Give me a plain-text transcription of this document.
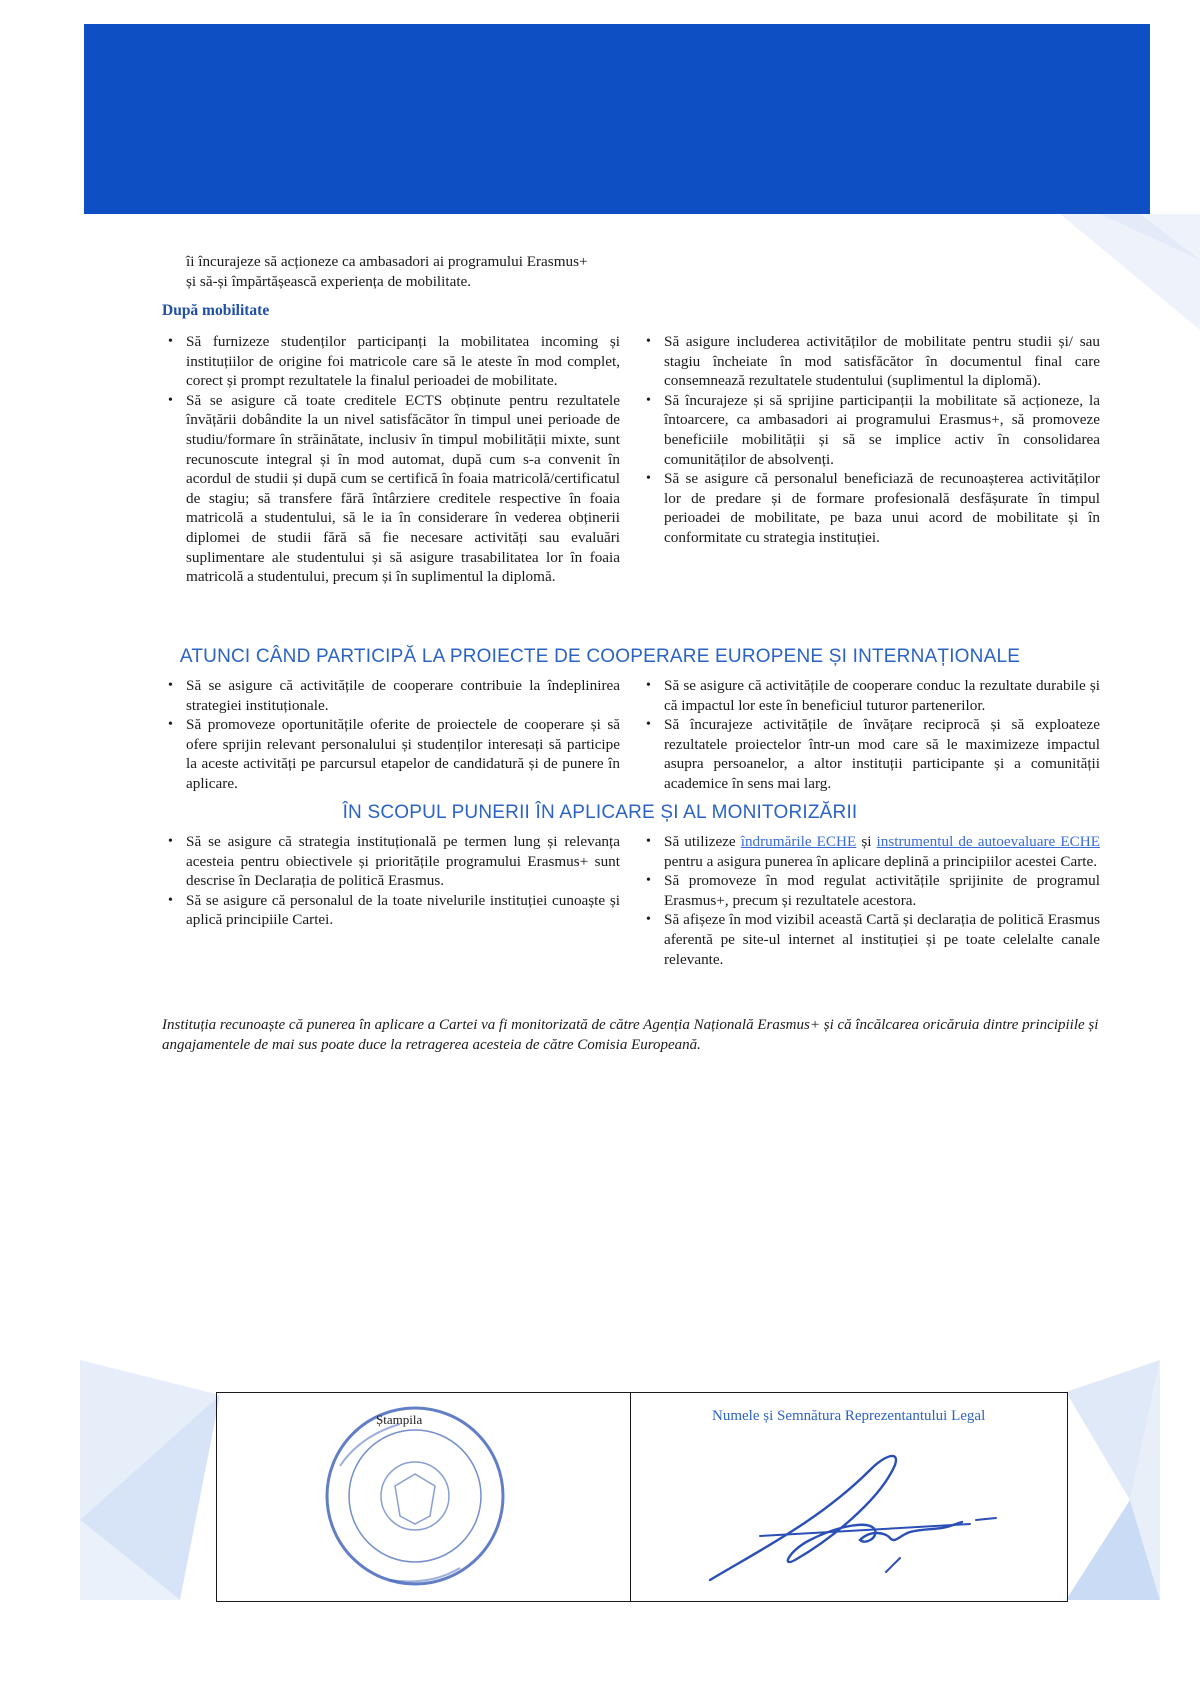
îi încurajeze să acționeze ca ambasadori ai programului Erasmus+

și să-și împărtășească experiența de mobilitate.

După mobilitate
• Să furnizeze studenților participanți la mobilitatea incoming și instituțiilor de origine foi matricole care să le ateste în mod complet, corect și prompt rezultatele la finalul perioadei de mobilitate.
• Să se asigure că toate creditele ECTS obținute pentru rezultatele învățării dobândite la un nivel satisfăcător în timpul unei perioade de studiu/formare în străinătate, inclusiv în timpul mobilității mixte, sunt recunoscute integral și în mod automat, după cum s-a convenit în acordul de studii și după cum se certifică în foaia matricolă/certificatul de stagiu; să transfere fără întârziere creditele respective în foaia matricolă a studentului, să le ia în considerare în vederea obținerii diplomei de studii fără să fie necesare activități sau evaluări suplimentare ale studentului și să asigure trasabilitatea lor în foaia matricolă a studentului, precum și în suplimentul la diplomă.
• Să asigure includerea activităților de mobilitate pentru studii și/ sau stagiu încheiate în mod satisfăcător în documentul final care consemnează rezultatele studentului (suplimentul la diplomă).
• Să încurajeze și să sprijine participanții la mobilitate să acționeze, la întoarcere, ca ambasadori ai programului Erasmus+, să promoveze beneficiile mobilității și să se implice activ în consolidarea comunităților de absolvenți.
• Să se asigure că personalul beneficiază de recunoașterea activităților lor de predare și de formare profesională desfășurate în timpul perioadei de mobilitate, pe baza unui acord de mobilitate și în conformitate cu strategia instituției.
ATUNCI CÂND PARTICIPĂ LA PROIECTE DE COOPERARE EUROPENE ȘI INTERNAȚIONALE
• Să se asigure că activitățile de cooperare contribuie la îndeplinirea strategiei instituționale.
• Să promoveze oportunitățile oferite de proiectele de cooperare și să ofere sprijin relevant personalului și studenților interesați să participe la aceste activități pe parcursul etapelor de candidatură și de punere în aplicare.
• Să se asigure că activitățile de cooperare conduc la rezultate durabile și că impactul lor este în beneficiul tuturor partenerilor.
• Să încurajeze activitățile de învățare reciprocă și să exploateze rezultatele proiectelor într-un mod care să le maximizeze impactul asupra persoanelor, a altor instituții participante și a comunității academice în sens mai larg.
ÎN SCOPUL PUNERII ÎN APLICARE ȘI AL MONITORIZĂRII
• Să se asigure că strategia instituțională pe termen lung și relevanța acesteia pentru obiectivele și prioritățile programului Erasmus+ sunt descrise în Declarația de politică Erasmus.
• Să se asigure că personalul de la toate nivelurile instituției cunoaște și aplică principiile Cartei.
• Să utilizeze îndrumările ECHE și instrumentul de autoevaluare ECHE pentru a asigura punerea în aplicare deplină a principiilor acestei Carte.
• Să promoveze în mod regulat activitățile sprijinite de programul Erasmus+, precum și rezultatele acestora.
• Să afișeze în mod vizibil această Cartă și declarația de politică Erasmus aferentă pe site-ul internet al instituției și pe toate celelalte canale relevante.
Instituția recunoaște că punerea în aplicare a Cartei va fi monitorizată de către Agenția Națională Erasmus+ și că încălcarea oricăruia dintre principiile și angajamentele de mai sus poate duce la retragerea acesteia de către Comisia Europeană.
Ștampila	Numele și Semnătura Reprezentantului Legal
